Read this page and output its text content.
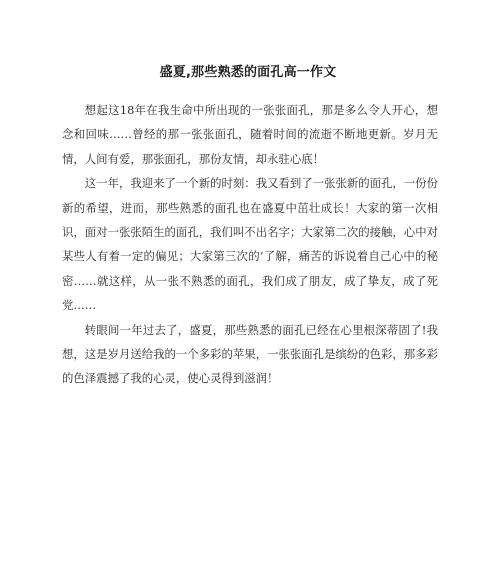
盛夏,那些熟悉的面孔高一作文

想起这18年在我生命中所出现的一张张面孔，那是多么令人开心，想念和回味……曾经的那一张张面孔，随着时间的流逝不断地更新。岁月无情，人间有爱，那张面孔，那份友情，却永驻心底！

这一年，我迎来了一个新的时刻：我又看到了一张张新的面孔，一份份新的希望，进而，那些熟悉的面孔也在盛夏中茁壮成长！大家的第一次相识，面对一张张陌生的面孔，我们叫不出名字；大家第二次的接触，心中对某些人有着一定的偏见；大家第三次的’了解，痛苦的诉说着自己心中的秘密……就这样，从一张不熟悉的面孔，我们成了朋友，成了挚友，成了死党……

转眼间一年过去了，盛夏，那些熟悉的面孔已经在心里根深蒂固了!我想，这是岁月送给我的一个多彩的苹果，一张张面孔是缤纷的色彩，那多彩的色泽震撼了我的心灵，使心灵得到滋润！
